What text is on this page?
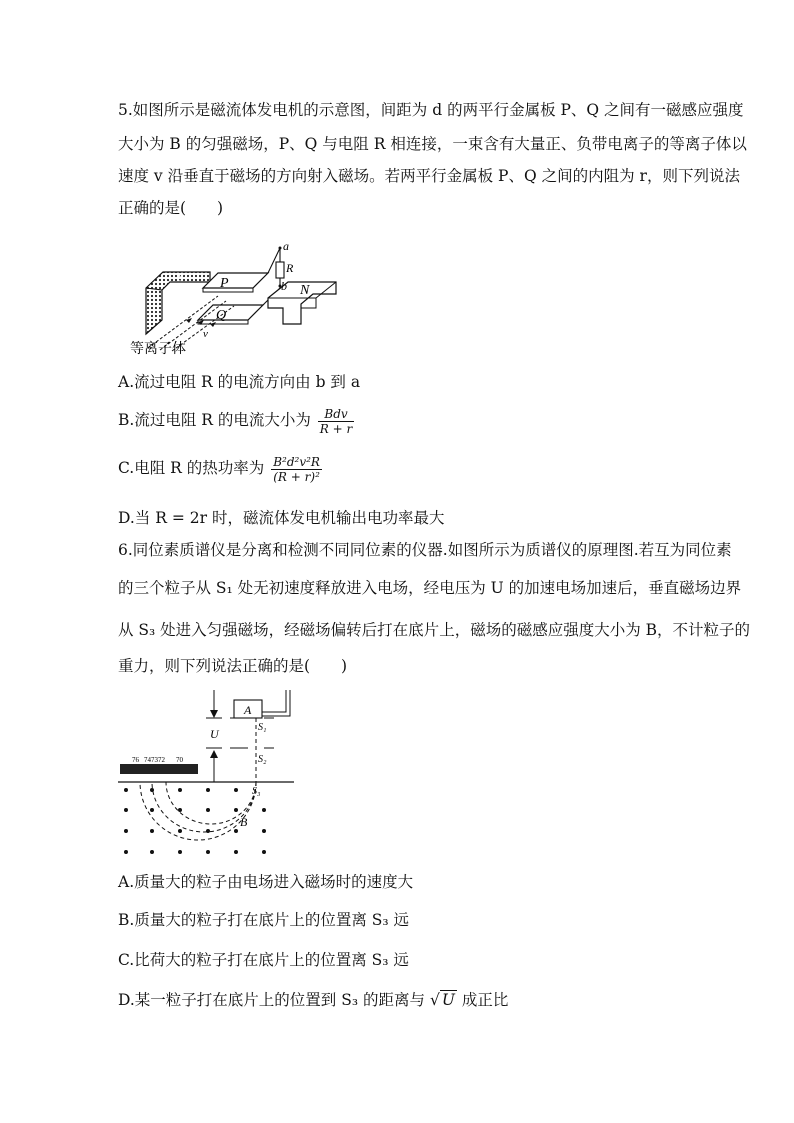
5.如图所示是磁流体发电机的示意图，间距为 d 的两平行金属板 P、Q 之间有一磁感应强度
大小为 B 的匀强磁场，P、Q 与电阻 R 相连接，一束含有大量正、负带电离子的等离子体以
速度 v 沿垂直于磁场的方向射入磁场。若两平行金属板 P、Q 之间的内阻为 r，则下列说法
正确的是(　　)
a
R
b
P
Q
N
S
v
等离子体
A.流过电阻 R 的电流方向由 b 到 a
B.流过电阻 R 的电流大小为 $\frac{\text{Bdv}}{R + r}$
C.电阻 R 的热功率为 $\frac{\text{B²d²v²R}}{\text{(R + r)²}}$
D.当 R = 2r 时，磁流体发电机输出电功率最大
6.同位素质谱仪是分离和检测不同同位素的仪器.如图所示为质谱仪的原理图.若互为同位素
的三个粒子从 S₁ 处无初速度释放进入电场，经电压为 U 的加速电场加速后，垂直磁场边界
从 S₃ 处进入匀强磁场，经磁场偏转后打在底片上，磁场的磁感应强度大小为 B，不计粒子的
重力，则下列说法正确的是(　　)
A
U	S₁
S₂
S₃
76 747372 70
B
A.质量大的粒子由电场进入磁场时的速度大
B.质量大的粒子打在底片上的位置离 S₃ 远
C.比荷大的粒子打在底片上的位置离 S₃ 远
D.某一粒子打在底片上的位置到 S₃ 的距离与 √ U 成正比
